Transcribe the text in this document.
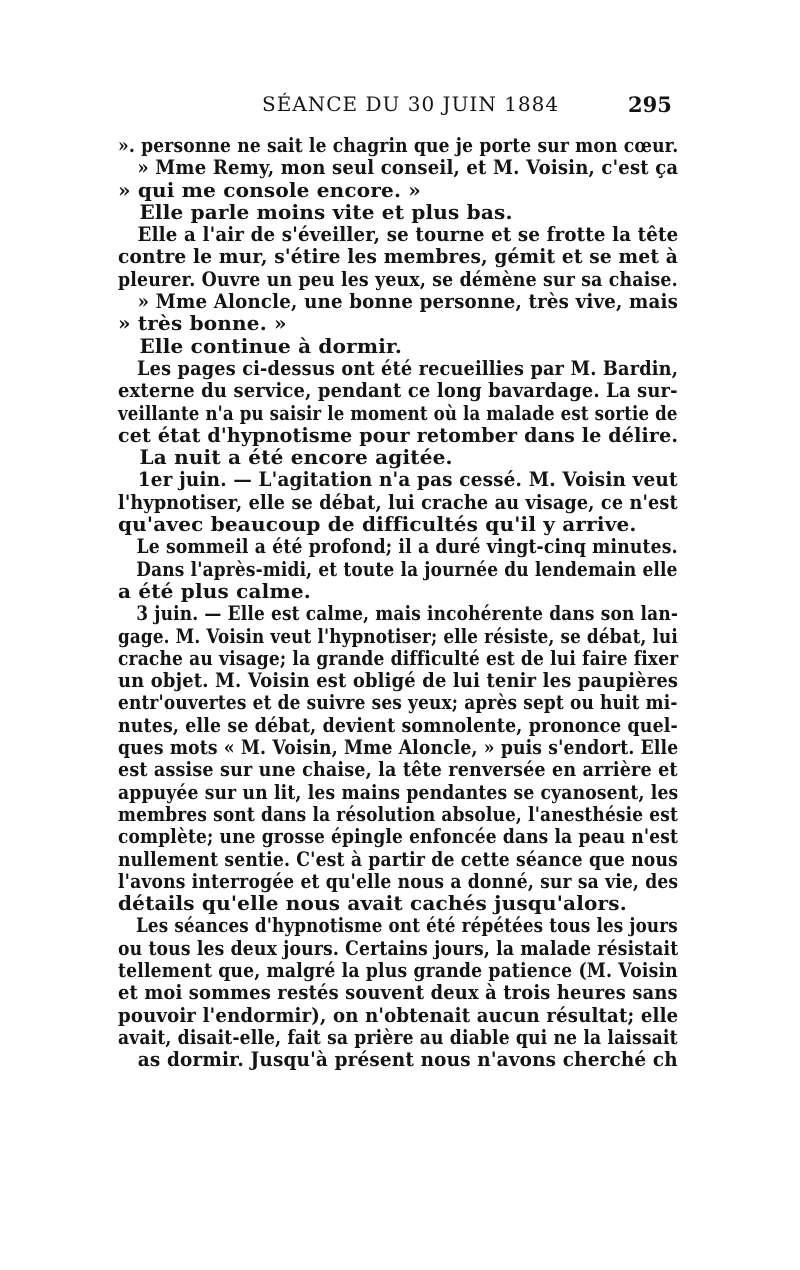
SÉANCE DU 30 JUIN 1884	295
». personne ne sait le chagrin que je porte sur mon cœur.
» Mme Remy, mon seul conseil, et M. Voisin, c'est ça
» qui me console encore. »
Elle parle moins vite et plus bas.
Elle a l'air de s'éveiller, se tourne et se frotte la tête
contre le mur, s'étire les membres, gémit et se met à
pleurer. Ouvre un peu les yeux, se démène sur sa chaise.
» Mme Aloncle, une bonne personne, très vive, mais
» très bonne. »
Elle continue à dormir.
Les pages ci-dessus ont été recueillies par M. Bardin,
externe du service, pendant ce long bavardage. La sur-
veillante n'a pu saisir le moment où la malade est sortie de
cet état d'hypnotisme pour retomber dans le délire.
La nuit a été encore agitée.
1er juin. — L'agitation n'a pas cessé. M. Voisin veut
l'hypnotiser, elle se débat, lui crache au visage, ce n'est
qu'avec beaucoup de difficultés qu'il y arrive.
Le sommeil a été profond; il a duré vingt-cinq minutes.
Dans l'après-midi, et toute la journée du lendemain elle
a été plus calme.
3 juin. — Elle est calme, mais incohérente dans son lan-
gage. M. Voisin veut l'hypnotiser; elle résiste, se débat, lui
crache au visage; la grande difficulté est de lui faire fixer
un objet. M. Voisin est obligé de lui tenir les paupières
entr'ouvertes et de suivre ses yeux; après sept ou huit mi-
nutes, elle se débat, devient somnolente, prononce quel-
ques mots « M. Voisin, Mme Aloncle, » puis s'endort. Elle
est assise sur une chaise, la tête renversée en arrière et
appuyée sur un lit, les mains pendantes se cyanosent, les
membres sont dans la résolution absolue, l'anesthésie est
complète; une grosse épingle enfoncée dans la peau n'est
nullement sentie. C'est à partir de cette séance que nous
l'avons interrogée et qu'elle nous a donné, sur sa vie, des
détails qu'elle nous avait cachés jusqu'alors.
Les séances d'hypnotisme ont été répétées tous les jours
ou tous les deux jours. Certains jours, la malade résistait
tellement que, malgré la plus grande patience (M. Voisin
et moi sommes restés souvent deux à trois heures sans
pouvoir l'endormir), on n'obtenait aucun résultat; elle
avait, disait-elle, fait sa prière au diable qui ne la laissait
as dormir. Jusqu'à présent nous n'avons cherché ch
